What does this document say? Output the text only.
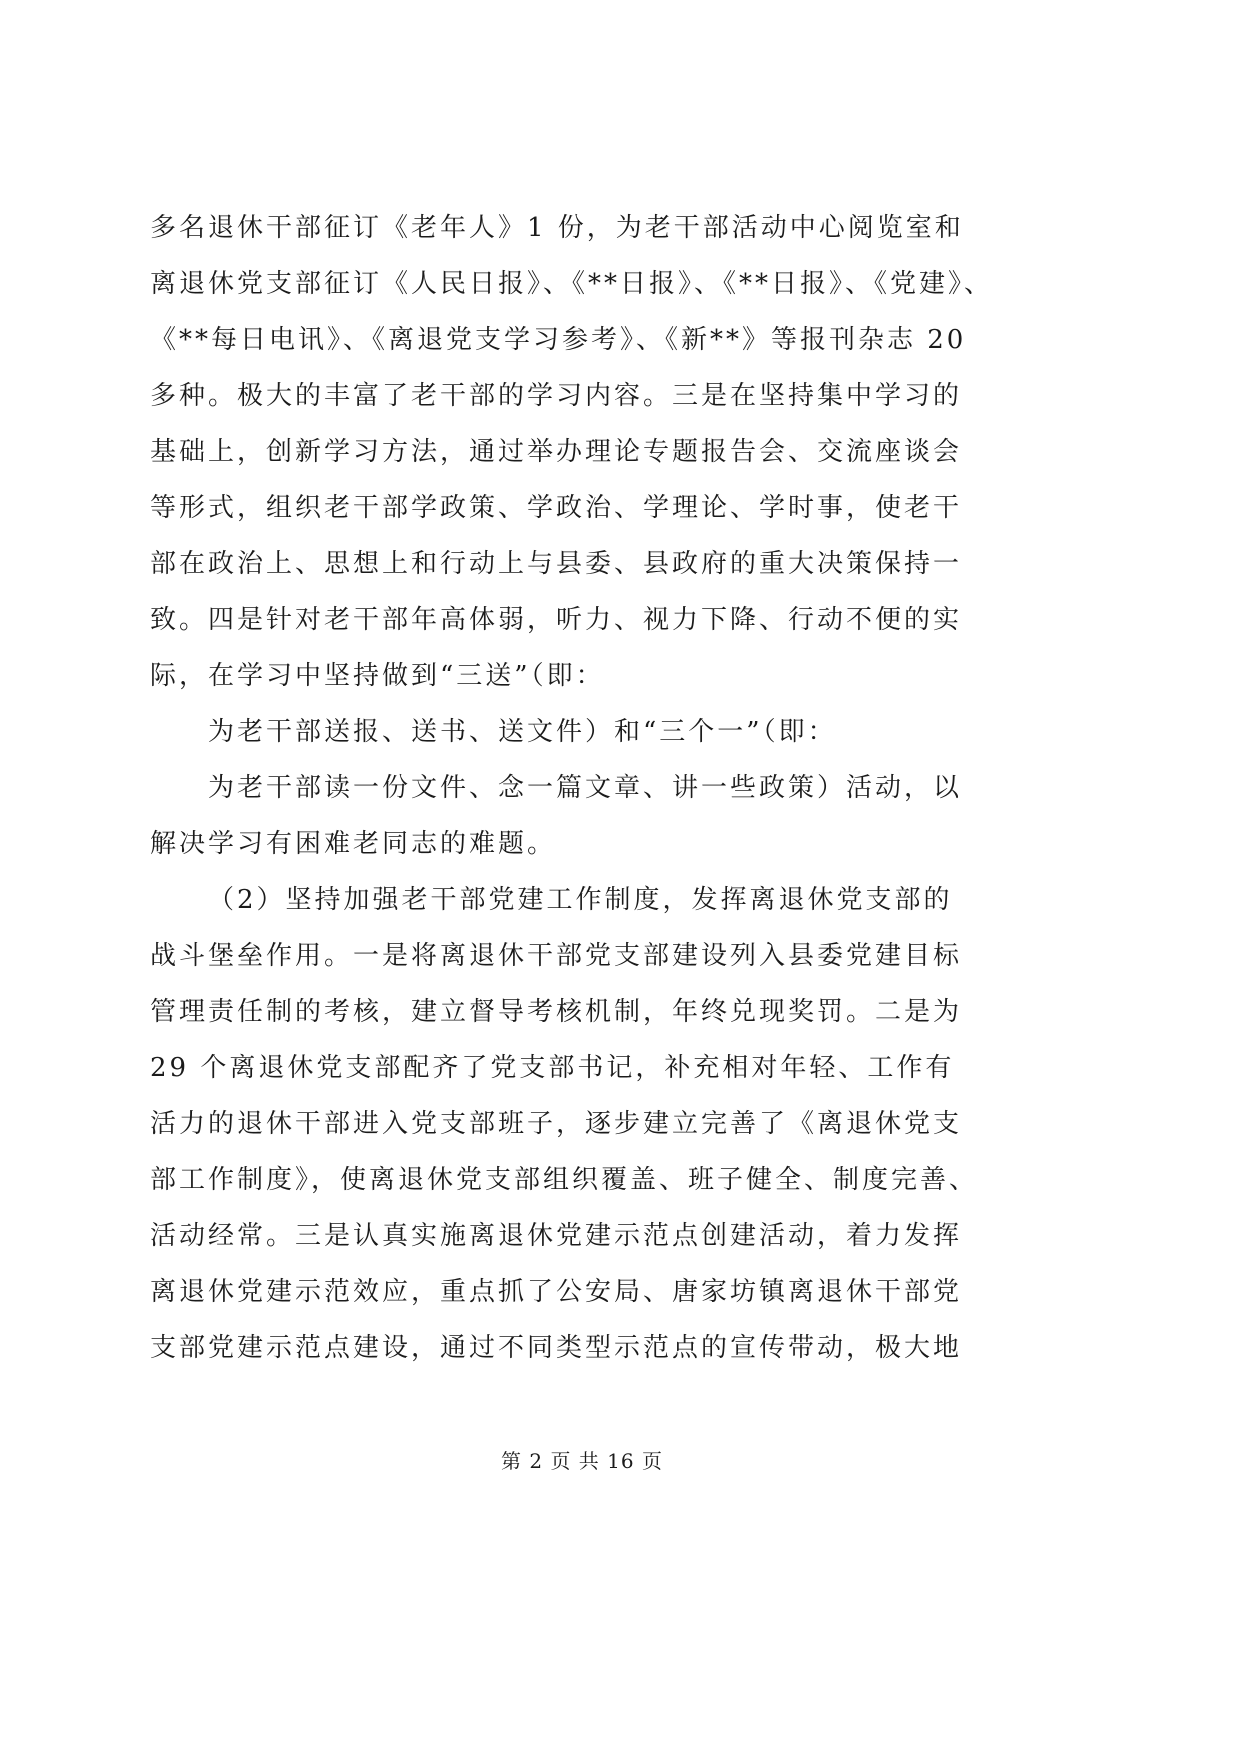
多名退休干部征订《老年人》1 份，为老干部活动中心阅览室和
离退休党支部征订《人民日报》、《**日报》、《**日报》、《党建》、
《**每日电讯》、《离退党支学习参考》、《新**》等报刊杂志 20
多种。极大的丰富了老干部的学习内容。三是在坚持集中学习的
基础上，创新学习方法，通过举办理论专题报告会、交流座谈会
等形式，组织老干部学政策、学政治、学理论、学时事，使老干
部在政治上、思想上和行动上与县委、县政府的重大决策保持一
致。四是针对老干部年高体弱，听力、视力下降、行动不便的实
际，在学习中坚持做到“三送”（即：
为老干部送报、送书、送文件）和“三个一”（即：
为老干部读一份文件、念一篇文章、讲一些政策）活动，以
解决学习有困难老同志的难题。
（2）坚持加强老干部党建工作制度，发挥离退休党支部的
战斗堡垒作用。一是将离退休干部党支部建设列入县委党建目标
管理责任制的考核，建立督导考核机制，年终兑现奖罚。二是为
29 个离退休党支部配齐了党支部书记，补充相对年轻、工作有
活力的退休干部进入党支部班子，逐步建立完善了《离退休党支
部工作制度》，使离退休党支部组织覆盖、班子健全、制度完善、
活动经常。三是认真实施离退休党建示范点创建活动，着力发挥
离退休党建示范效应，重点抓了公安局、唐家坊镇离退休干部党
支部党建示范点建设，通过不同类型示范点的宣传带动，极大地
第 2 页 共 16 页
